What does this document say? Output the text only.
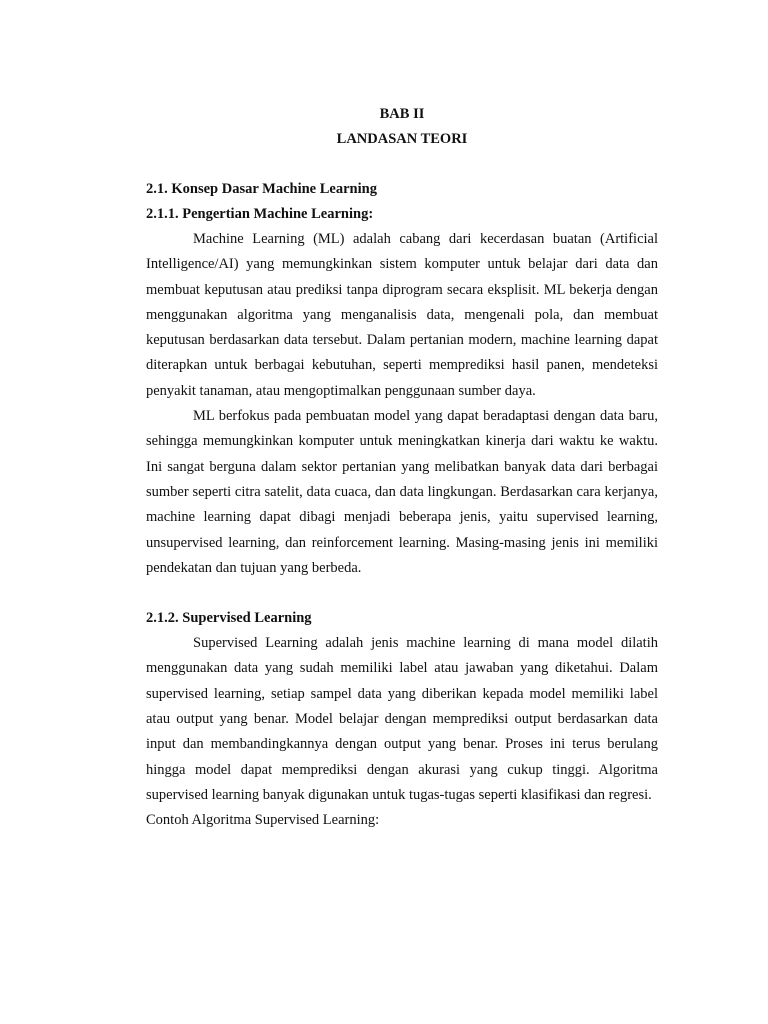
BAB II
LANDASAN TEORI
2.1. Konsep Dasar Machine Learning
2.1.1. Pengertian Machine Learning:

Machine Learning (ML) adalah cabang dari kecerdasan buatan (Artificial Intelligence/AI) yang memungkinkan sistem komputer untuk belajar dari data dan membuat keputusan atau prediksi tanpa diprogram secara eksplisit. ML bekerja dengan menggunakan algoritma yang menganalisis data, mengenali pola, dan membuat keputusan berdasarkan data tersebut. Dalam pertanian modern, machine learning dapat diterapkan untuk berbagai kebutuhan, seperti memprediksi hasil panen, mendeteksi penyakit tanaman, atau mengoptimalkan penggunaan sumber daya.

ML berfokus pada pembuatan model yang dapat beradaptasi dengan data baru, sehingga memungkinkan komputer untuk meningkatkan kinerja dari waktu ke waktu. Ini sangat berguna dalam sektor pertanian yang melibatkan banyak data dari berbagai sumber seperti citra satelit, data cuaca, dan data lingkungan. Berdasarkan cara kerjanya, machine learning dapat dibagi menjadi beberapa jenis, yaitu supervised learning, unsupervised learning, dan reinforcement learning. Masing-masing jenis ini memiliki pendekatan dan tujuan yang berbeda.

2.1.2. Supervised Learning

Supervised Learning adalah jenis machine learning di mana model dilatih menggunakan data yang sudah memiliki label atau jawaban yang diketahui. Dalam supervised learning, setiap sampel data yang diberikan kepada model memiliki label atau output yang benar. Model belajar dengan memprediksi output berdasarkan data input dan membandingkannya dengan output yang benar. Proses ini terus berulang hingga model dapat memprediksi dengan akurasi yang cukup tinggi. Algoritma supervised learning banyak digunakan untuk tugas-tugas seperti klasifikasi dan regresi.

Contoh Algoritma Supervised Learning:
